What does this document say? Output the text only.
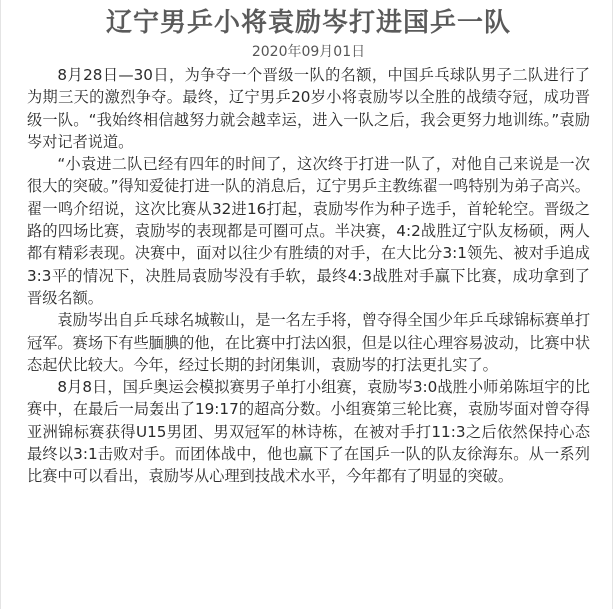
辽宁男乒小将袁励岑打进国乒一队
2020年09月01日

8月28日—30日，为争夺一个晋级一队的名额，中国乒乓球队男子二队进行了为期三天的激烈争夺。最终，辽宁男乒20岁小将袁励岑以全胜的战绩夺冠，成功晋级一队。“我始终相信越努力就会越幸运，进入一队之后，我会更努力地训练。”袁励岑对记者说道。

“小袁进二队已经有四年的时间了，这次终于打进一队了，对他自己来说是一次很大的突破。”得知爱徒打进一队的消息后，辽宁男乒主教练翟一鸣特别为弟子高兴。翟一鸣介绍说，这次比赛从32进16打起，袁励岑作为种子选手，首轮轮空。晋级之路的四场比赛，袁励岑的表现都是可圈可点。半决赛，4:2战胜辽宁队友杨硕，两人都有精彩表现。决赛中，面对以往少有胜绩的对手，在大比分3:1领先、被对手追成3:3平的情况下，决胜局袁励岑没有手软，最终4:3战胜对手赢下比赛，成功拿到了晋级名额。

袁励岑出自乒乓球名城鞍山，是一名左手将，曾夺得全国少年乒乓球锦标赛单打冠军。赛场下有些腼腆的他，在比赛中打法凶狠，但是以往心理容易波动，比赛中状态起伏比较大。今年，经过长期的封闭集训，袁励岑的打法更扎实了。

8月8日，国乒奥运会模拟赛男子单打小组赛，袁励岑3:0战胜小师弟陈垣宇的比赛中，在最后一局轰出了19:17的超高分数。小组赛第三轮比赛，袁励岑面对曾夺得亚洲锦标赛获得U15男团、男双冠军的林诗栋，在被对手打11:3之后依然保持心态最终以3:1击败对手。而团体战中，他也赢下了在国乒一队的队友徐海东。从一系列比赛中可以看出，袁励岑从心理到技战术水平，今年都有了明显的突破。
